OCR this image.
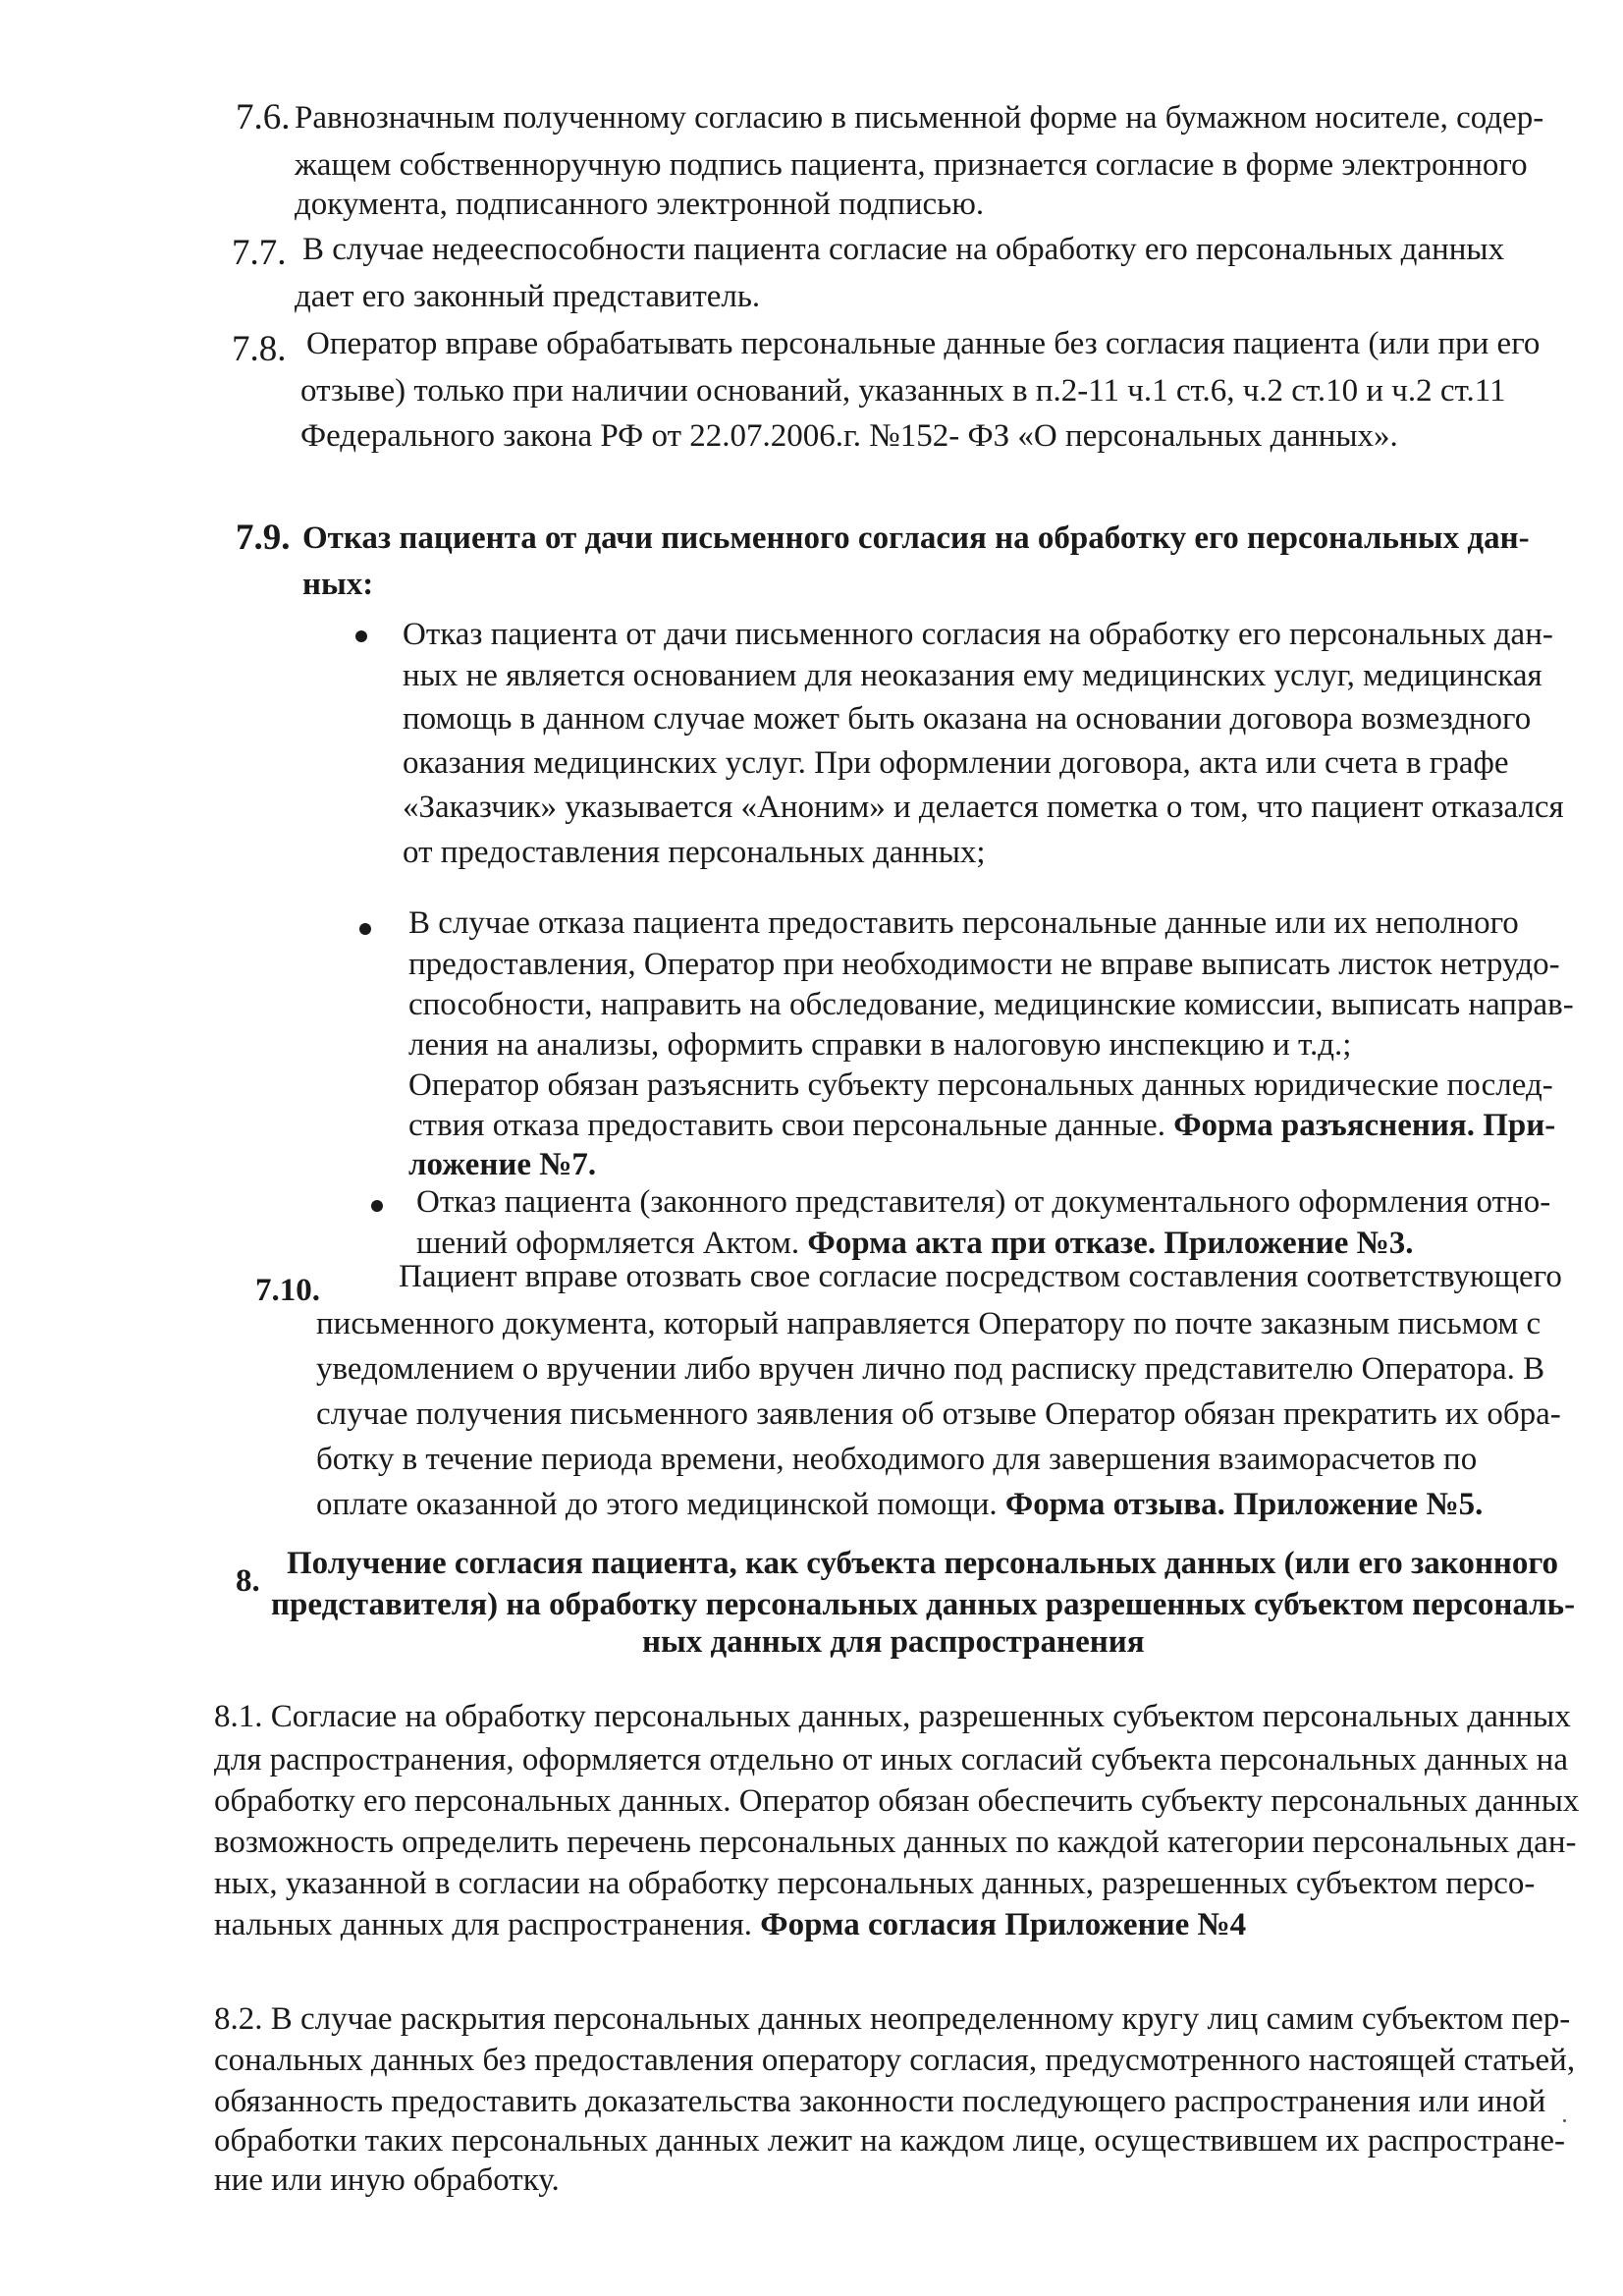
7.6. Равнозначным полученному согласию в письменной форме на бумажном носителе, содер-
жащем собственноручную подпись пациента, признается согласие в форме электронного
документа, подписанного электронной подписью.
7.7. В случае недееспособности пациента согласие на обработку его персональных данных
дает его законный представитель.
7.8. Оператор вправе обрабатывать персональные данные без согласия пациента (или при его
отзыве) только при наличии оснований, указанных в п.2-11 ч.1 ст.6, ч.2 ст.10 и ч.2 ст.11
Федерального закона РФ от 22.07.2006.г. №152- ФЗ «О персональных данных».
7.9. Отказ пациента от дачи письменного согласия на обработку его персональных дан-
ных:
Отказ пациента от дачи письменного согласия на обработку его персональных дан-
ных не является основанием для неоказания ему медицинских услуг, медицинская
помощь в данном случае может быть оказана на основании договора возмездного
оказания медицинских услуг. При оформлении договора, акта или счета в графе
«Заказчик» указывается «Аноним» и делается пометка о том, что пациент отказался
от предоставления персональных данных;
В случае отказа пациента предоставить персональные данные или их неполного
предоставления, Оператор при необходимости не вправе выписать листок нетрудо-
способности, направить на обследование, медицинские комиссии, выписать направ-
ления на анализы, оформить справки в налоговую инспекцию и т.д.;
Оператор обязан разъяснить субъекту персональных данных юридические послед-
ствия отказа предоставить свои персональные данные. Форма разъяснения. При-
ложение №7.
Отказ пациента (законного представителя) от документального оформления отно-
шений оформляется Актом. Форма акта при отказе. Приложение №3.
7.10. Пациент вправе отозвать свое согласие посредством составления соответствующего
письменного документа, который направляется Оператору по почте заказным письмом с
уведомлением о вручении либо вручен лично под расписку представителю Оператора. В
случае получения письменного заявления об отзыве Оператор обязан прекратить их обра-
ботку в течение периода времени, необходимого для завершения взаиморасчетов по
оплате оказанной до этого медицинской помощи. Форма отзыва. Приложение №5.
8. Получение согласия пациента, как субъекта персональных данных (или его законного
представителя) на обработку персональных данных разрешенных субъектом персональ-
ных данных для распространения
8.1. Согласие на обработку персональных данных, разрешенных субъектом персональных данных
для распространения, оформляется отдельно от иных согласий субъекта персональных данных на
обработку его персональных данных. Оператор обязан обеспечить субъекту персональных данных
возможность определить перечень персональных данных по каждой категории персональных дан-
ных, указанной в согласии на обработку персональных данных, разрешенных субъектом персо-
нальных данных для распространения. Форма согласия Приложение №4
8.2. В случае раскрытия персональных данных неопределенному кругу лиц самим субъектом пер-
сональных данных без предоставления оператору согласия, предусмотренного настоящей статьей,
обязанность предоставить доказательства законности последующего распространения или иной
обработки таких персональных данных лежит на каждом лице, осуществившем их распростране-
ние или иную обработку.
